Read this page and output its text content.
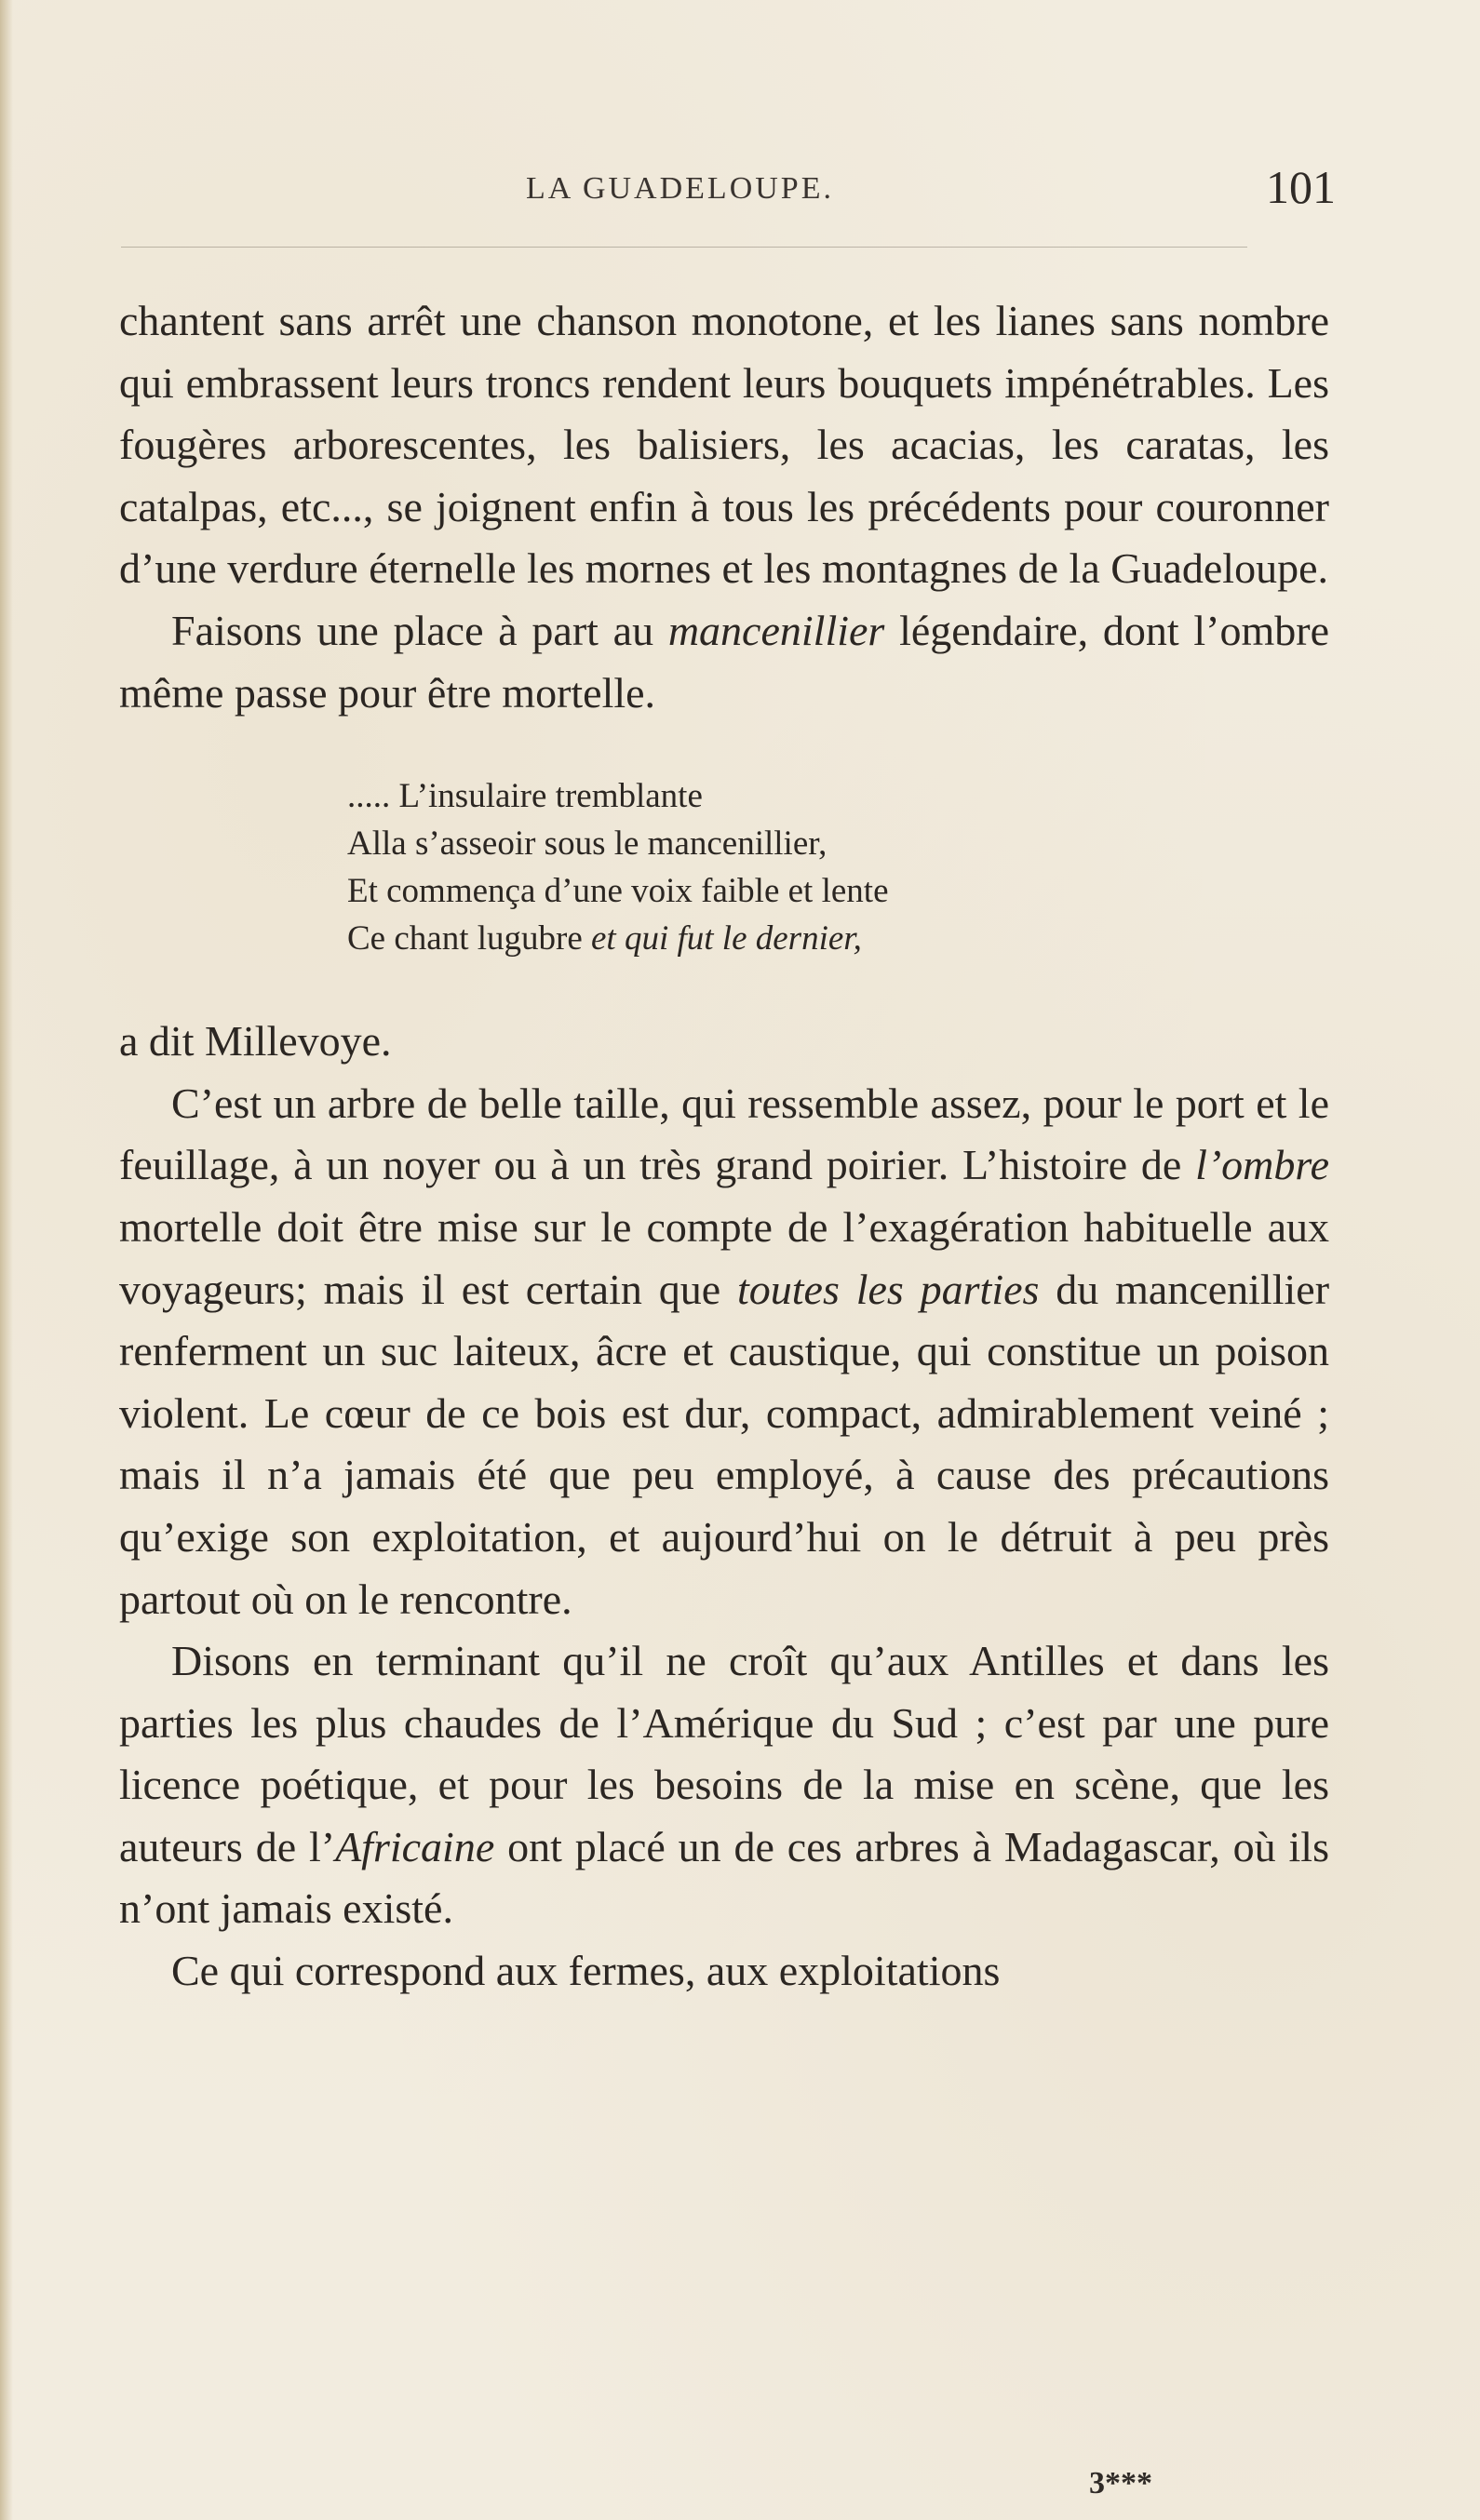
LA GUADELOUPE.	101

chantent sans arrêt une chanson monotone, et les lianes sans nombre qui embrassent leurs troncs rendent leurs bouquets impénétrables. Les fougères arborescentes, les balisiers, les acacias, les caratas, les catalpas, etc..., se joignent enfin à tous les précédents pour couronner d’une verdure éternelle les mornes et les montagnes de la Guadeloupe.

Faisons une place à part au mancenillier légendaire, dont l’ombre même passe pour être mortelle.

..... L’insulaire tremblante
Alla s’asseoir sous le mancenillier,
Et commença d’une voix faible et lente
Ce chant lugubre et qui fut le dernier,

a dit Millevoye.

C’est un arbre de belle taille, qui ressemble assez, pour le port et le feuillage, à un noyer ou à un très grand poirier. L’histoire de l’ombre mortelle doit être mise sur le compte de l’exagération habituelle aux voyageurs; mais il est certain que toutes les parties du mancenillier renferment un suc laiteux, âcre et caustique, qui constitue un poison violent. Le cœur de ce bois est dur, compact, admirablement veiné ; mais il n’a jamais été que peu employé, à cause des précautions qu’exige son exploitation, et aujourd’hui on le détruit à peu près partout où on le rencontre.

Disons en terminant qu’il ne croît qu’aux Antilles et dans les parties les plus chaudes de l’Amérique du Sud ; c’est par une pure licence poétique, et pour les besoins de la mise en scène, que les auteurs de l’Africaine ont placé un de ces arbres à Madagascar, où ils n’ont jamais existé.

Ce qui correspond aux fermes, aux exploitations

3***
